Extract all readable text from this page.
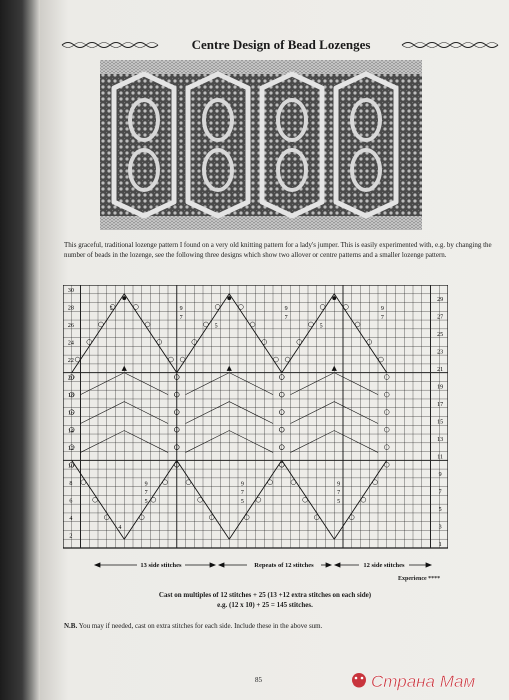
Centre Design of Bead Lozenges
This graceful, traditional lozenge pattern I found on a very old knitting pattern for a lady's jumper. This is easily experimented with, e.g. by changing the number of beads in the lozenge, see the following three designs which show two allover or centre patterns and a smaller lozenge pattern.
30
28
26
24
22
20
18
16
14
12
10
8
6
4
2
29
27
25
23
21
19
17
15
13
11
9
7
5
3
1
5	9
7
5
9
7
5
9
7
9
7
5
9
7
5
9
7
5
4
13 side stitches	Repeats of 12 stitches	12 side stitches
Experience ****
Cast on multiples of 12 stitches + 25 (13 +12 extra stitches on each side)
e.g. (12 x 10) + 25 = 145 stitches.
N.B. You may if needed, cast on extra stitches for each side. Include these in the above sum.
85	Страна Мам
